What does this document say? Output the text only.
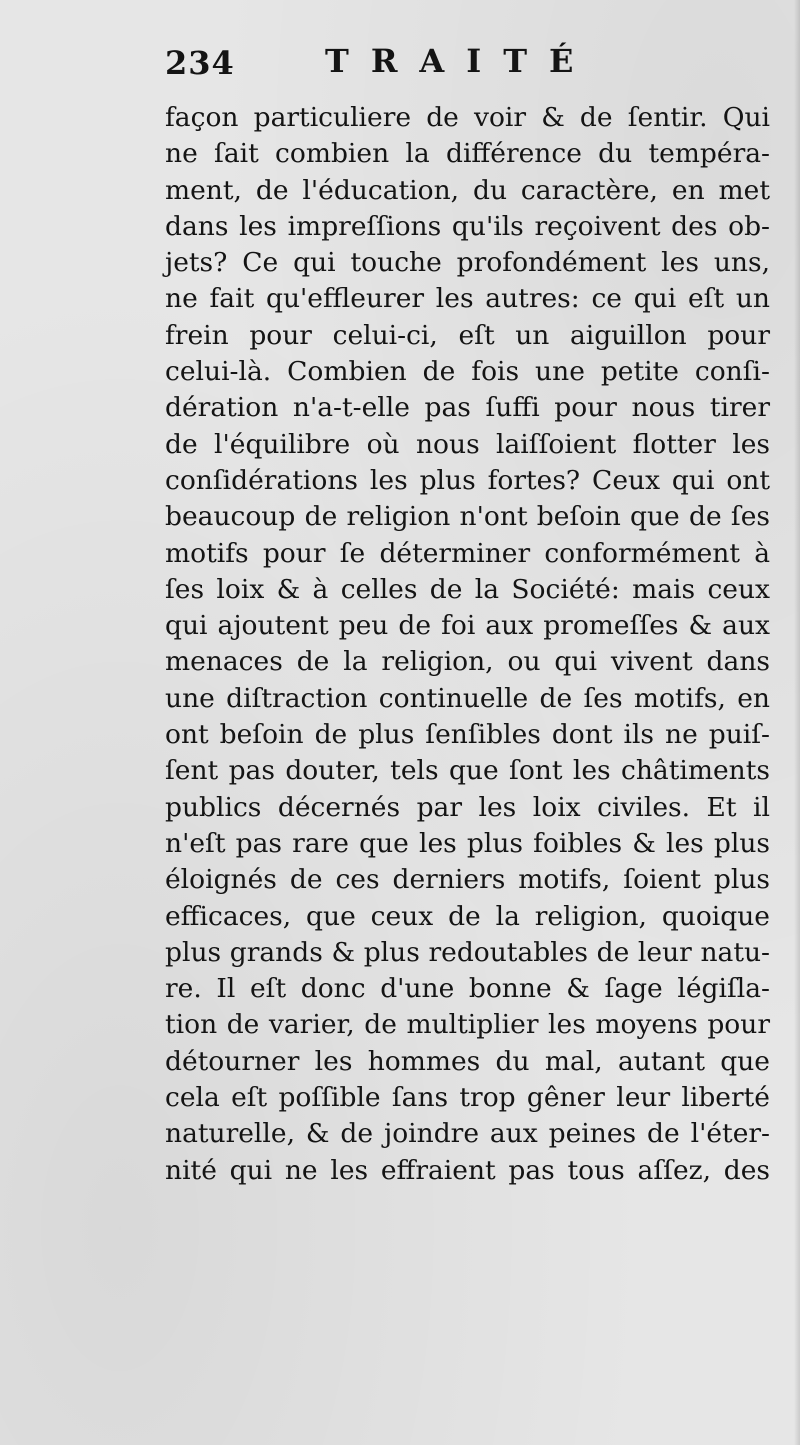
234	TRAITÉ
façon particuliere de voir & de ſentir. Qui
ne ſait combien la différence du tempéra-
ment, de l'éducation, du caractère, en met
dans les impreſſions qu'ils reçoivent des ob-
jets? Ce qui touche profondément les uns,
ne fait qu'effleurer les autres: ce qui eſt un
frein pour celui-ci, eſt un aiguillon pour
celui-là. Combien de fois une petite conſi-
dération n'a-t-elle pas ſuffi pour nous tirer
de l'équilibre où nous laiſſoient flotter les
conſidérations les plus fortes? Ceux qui ont
beaucoup de religion n'ont beſoin que de ſes
motifs pour ſe déterminer conformément à
ſes loix & à celles de la Société: mais ceux
qui ajoutent peu de foi aux promeſſes & aux
menaces de la religion, ou qui vivent dans
une diſtraction continuelle de ſes motifs, en
ont beſoin de plus ſenſibles dont ils ne puiſ-
ſent pas douter, tels que ſont les châtiments
publics décernés par les loix civiles. Et il
n'eſt pas rare que les plus foibles & les plus
éloignés de ces derniers motifs, ſoient plus
efficaces, que ceux de la religion, quoique
plus grands & plus redoutables de leur natu-
re. Il eſt donc d'une bonne & ſage légiſla-
tion de varier, de multiplier les moyens pour
détourner les hommes du mal, autant que
cela eſt poſſible ſans trop gêner leur liberté
naturelle, & de joindre aux peines de l'éter-
nité qui ne les effraient pas tous aſſez, des
